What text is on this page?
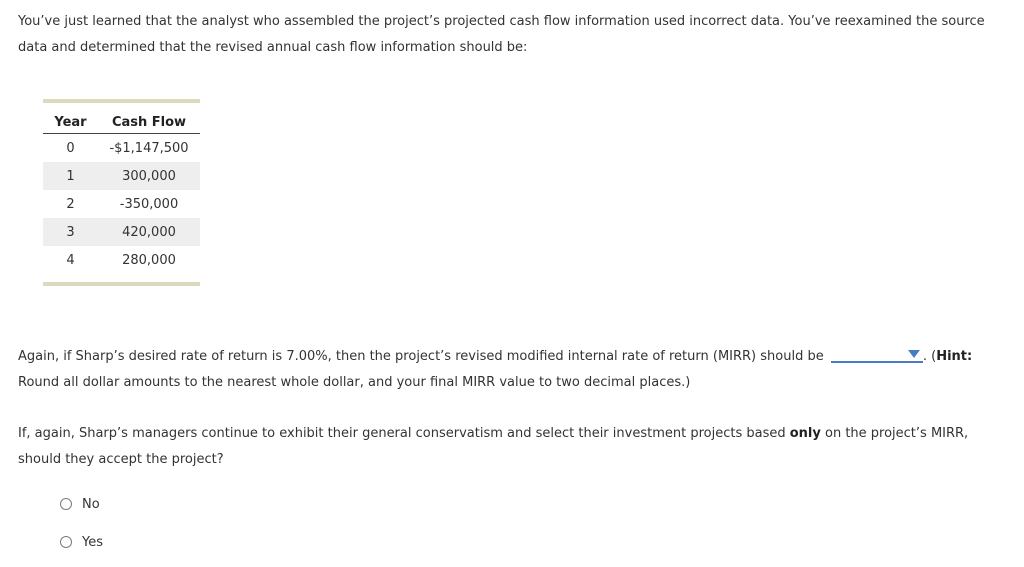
You’ve just learned that the analyst who assembled the project’s projected cash flow information used incorrect data. You’ve reexamined the source
data and determined that the revised annual cash flow information should be:

Year	Cash Flow
0	-$1,147,500
1	300,000
2	-350,000
3	420,000
4	280,000

Again, if Sharp’s desired rate of return is 7.00%, then the project’s revised modified internal rate of return (MIRR) should be	. (Hint:
Round all dollar amounts to the nearest whole dollar, and your final MIRR value to two decimal places.)

If, again, Sharp’s managers continue to exhibit their general conservatism and select their investment projects based only on the project’s MIRR,
should they accept the project?

No
Yes
